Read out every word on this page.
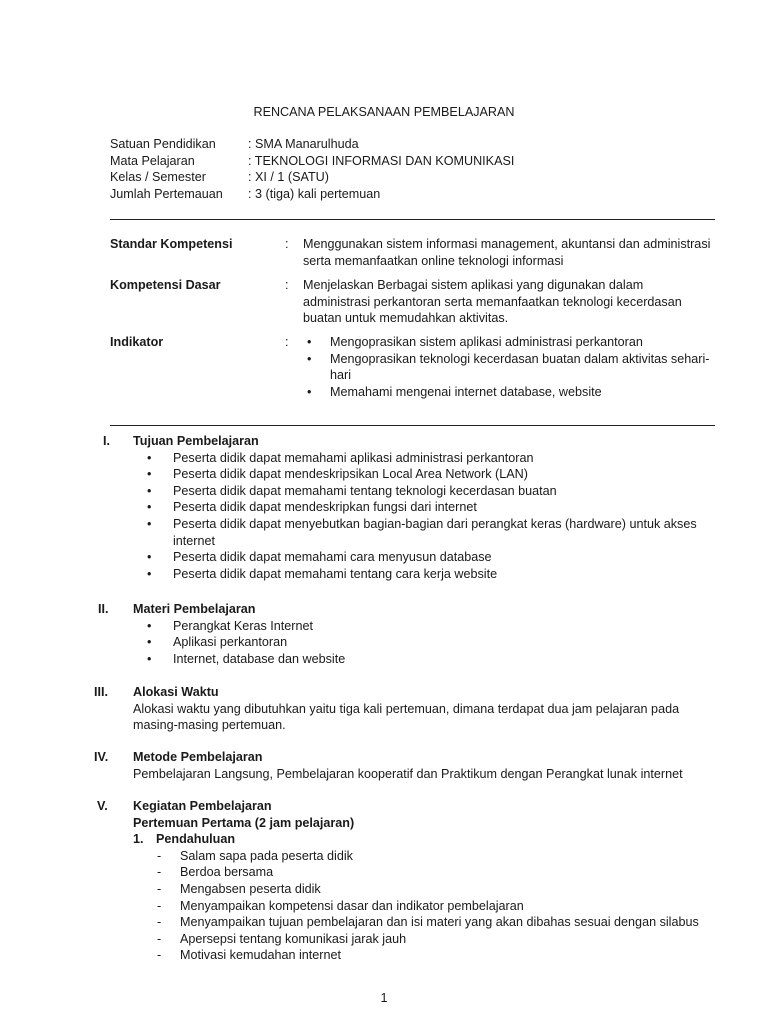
RENCANA PELAKSANAAN PEMBELAJARAN
Satuan Pendidikan	: SMA Manarulhuda
Mata Pelajaran	: TEKNOLOGI INFORMASI DAN KOMUNIKASI
Kelas / Semester	: XI / 1 (SATU)
Jumlah Pertemauan : 3 (tiga) kali pertemuan
Standar Kompetensi	: Menggunakan sistem informasi management, akuntansi dan administrasi serta memanfaatkan online teknologi informasi
Kompetensi Dasar	: Menjelaskan Berbagai sistem aplikasi yang digunakan dalam administrasi perkantoran serta memanfaatkan teknologi kecerdasan buatan untuk memudahkan aktivitas.
Indikator	: • Mengoprasikan sistem aplikasi administrasi perkantoran
• Mengoprasikan teknologi kecerdasan buatan dalam aktivitas sehari-hari
• Memahami mengenai internet database, website
I. Tujuan Pembelajaran
• Peserta didik dapat memahami aplikasi administrasi perkantoran
• Peserta didik dapat mendeskripsikan Local Area Network (LAN)
• Peserta didik dapat memahami tentang teknologi kecerdasan buatan
• Peserta didik dapat mendeskripkan fungsi dari internet
• Peserta didik dapat menyebutkan bagian-bagian dari perangkat keras (hardware) untuk akses internet
• Peserta didik dapat memahami cara menyusun database
• Peserta didik dapat memahami tentang cara kerja website
II. Materi Pembelajaran
• Perangkat Keras Internet
• Aplikasi perkantoran
• Internet, database dan website
III. Alokasi Waktu
Alokasi waktu yang dibutuhkan yaitu tiga kali pertemuan, dimana terdapat dua jam pelajaran pada masing-masing pertemuan.
IV. Metode Pembelajaran
Pembelajaran Langsung, Pembelajaran kooperatif dan Praktikum dengan Perangkat lunak internet
V. Kegiatan Pembelajaran
Pertemuan Pertama (2 jam pelajaran)
1. Pendahuluan
- Salam sapa pada peserta didik
- Berdoa bersama
- Mengabsen peserta didik
- Menyampaikan kompetensi dasar dan indikator pembelajaran
- Menyampaikan tujuan pembelajaran dan isi materi yang akan dibahas sesuai dengan silabus
- Apersepsi tentang komunikasi jarak jauh
- Motivasi kemudahan internet
1
